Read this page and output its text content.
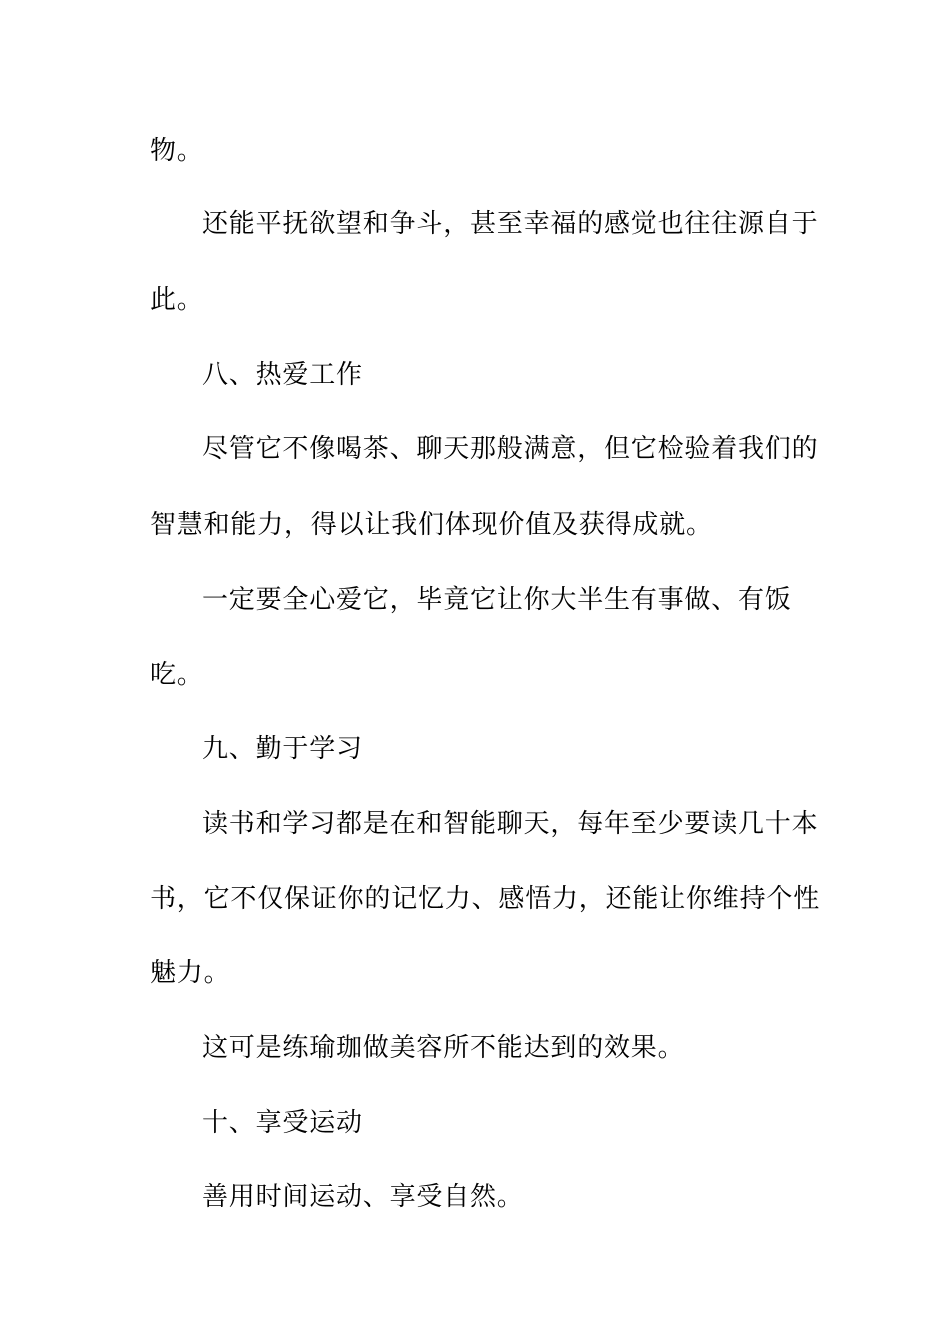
物。

还能平抚欲望和争斗，甚至幸福的感觉也往往源自于

此。

八、热爱工作

尽管它不像喝茶、聊天那般满意，但它检验着我们的

智慧和能力，得以让我们体现价值及获得成就。

一定要全心爱它，毕竟它让你大半生有事做、有饭

吃。

九、勤于学习

读书和学习都是在和智能聊天，每年至少要读几十本

书，它不仅保证你的记忆力、感悟力，还能让你维持个性

魅力。

这可是练瑜珈做美容所不能达到的效果。

十、享受运动

善用时间运动、享受自然。
